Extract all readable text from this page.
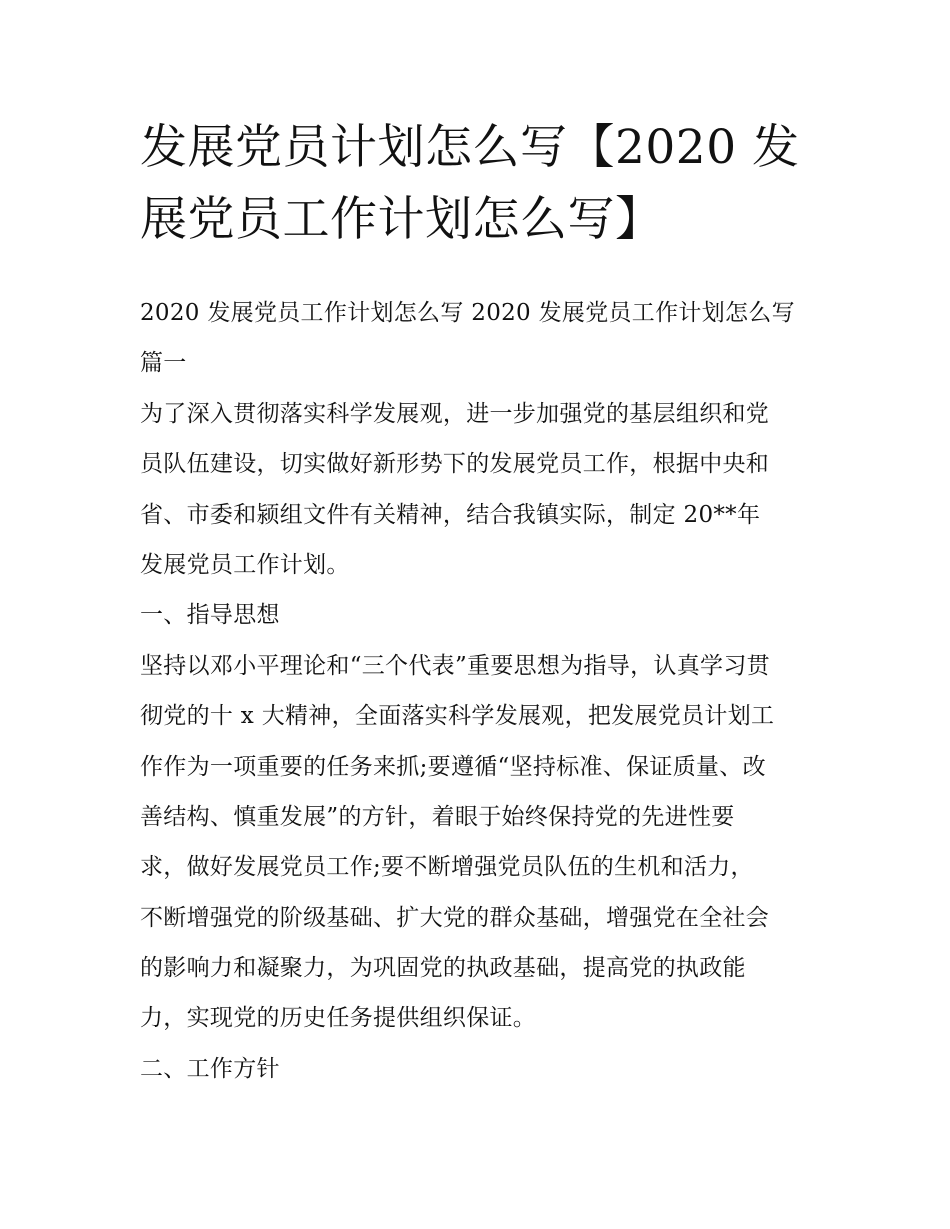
发展党员计划怎么写【2020 发
展党员工作计划怎么写】
2020 发展党员工作计划怎么写 2020 发展党员工作计划怎么写
篇一
为了深入贯彻落实科学发展观，进一步加强党的基层组织和党
员队伍建设，切实做好新形势下的发展党员工作，根据中央和
省、市委和颍组文件有关精神，结合我镇实际，制定 20**年
发展党员工作计划。
一、指导思想
坚持以邓小平理论和“三个代表”重要思想为指导，认真学习贯
彻党的十 x 大精神，全面落实科学发展观，把发展党员计划工
作作为一项重要的任务来抓;要遵循“坚持标准、保证质量、改
善结构、慎重发展”的方针，着眼于始终保持党的先进性要
求，做好发展党员工作;要不断增强党员队伍的生机和活力，
不断增强党的阶级基础、扩大党的群众基础，增强党在全社会
的影响力和凝聚力，为巩固党的执政基础，提高党的执政能
力，实现党的历史任务提供组织保证。
二、工作方针
